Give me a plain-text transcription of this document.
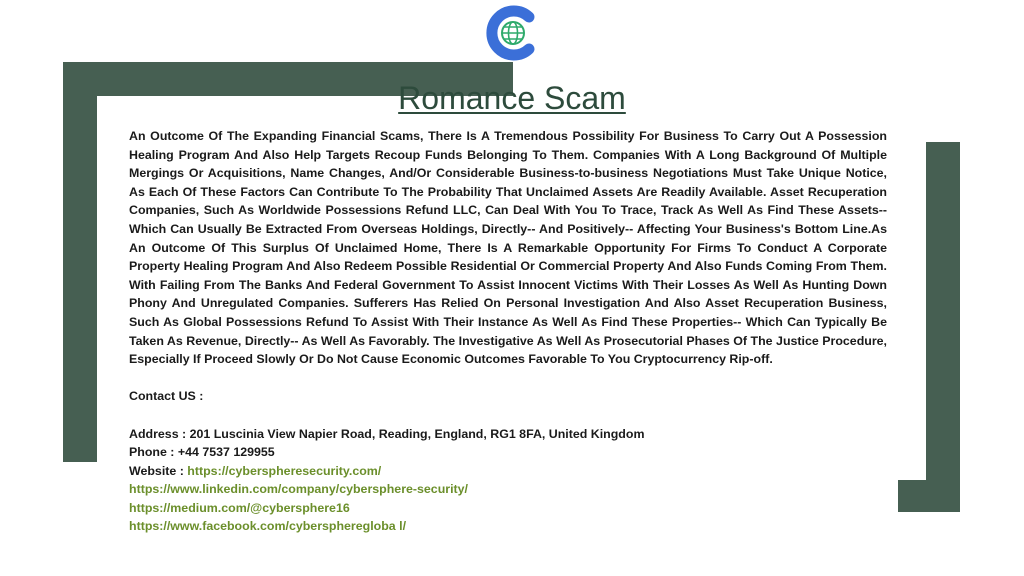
Romance Scam

An Outcome Of The Expanding Financial Scams, There Is A Tremendous Possibility For Business To Carry Out A Possession Healing Program And Also Help Targets Recoup Funds Belonging To Them. Companies With A Long Background Of Multiple Mergings Or Acquisitions, Name Changes, And/Or Considerable Business-to-business Negotiations Must Take Unique Notice, As Each Of These Factors Can Contribute To The Probability That Unclaimed Assets Are Readily Available. Asset Recuperation Companies, Such As Worldwide Possessions Refund LLC, Can Deal With You To Trace, Track As Well As Find These Assets-- Which Can Usually Be Extracted From Overseas Holdings, Directly-- And Positively-- Affecting Your Business's Bottom Line.As An Outcome Of This Surplus Of Unclaimed Home, There Is A Remarkable Opportunity For Firms To Conduct A Corporate Property Healing Program And Also Redeem Possible Residential Or Commercial Property And Also Funds Coming From Them. With Failing From The Banks And Federal Government To Assist Innocent Victims With Their Losses As Well As Hunting Down Phony And Unregulated Companies. Sufferers Has Relied On Personal Investigation And Also Asset Recuperation Business, Such As Global Possessions Refund To Assist With Their Instance As Well As Find These Properties-- Which Can Typically Be Taken As Revenue, Directly-- As Well As Favorably. The Investigative As Well As Prosecutorial Phases Of The Justice Procedure, Especially If Proceed Slowly Or Do Not Cause Economic Outcomes Favorable To You Cryptocurrency Rip-off.

Contact US :

Address : 201 Luscinia View Napier Road, Reading, England, RG1 8FA, United Kingdom

Phone : +44 7537 129955

Website : https://cyberspheresecurity.com/

https://www.linkedin.com/company/cybersphere-security/

https://medium.com/@cybersphere16

https://www.facebook.com/cyberspheregloba l/
